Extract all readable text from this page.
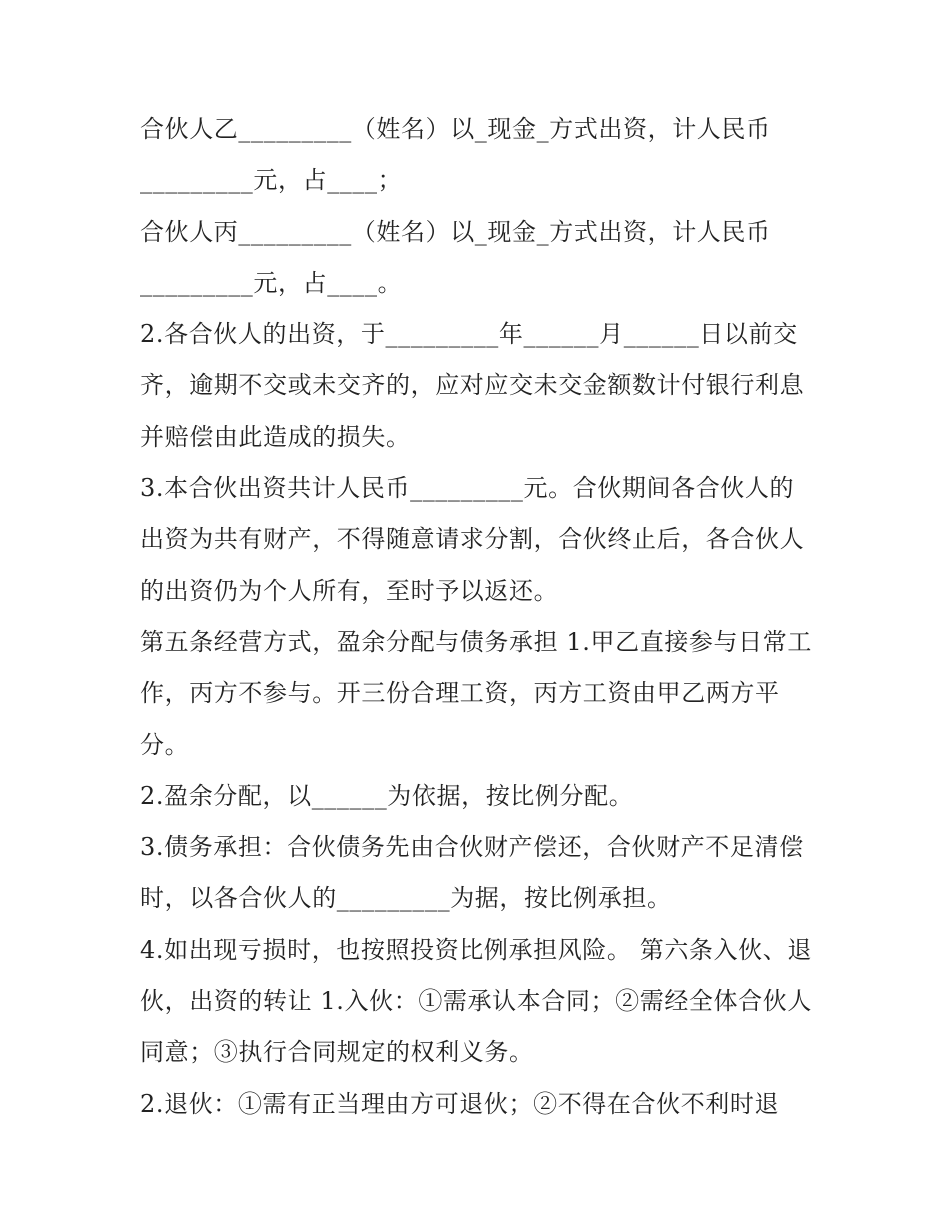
合伙人乙_________（姓名）以_现金_方式出资，计人民币
_________元，占____；
合伙人丙_________（姓名）以_现金_方式出资，计人民币
_________元，占____。
2.各合伙人的出资，于_________年______月______日以前交
齐，逾期不交或未交齐的，应对应交未交金额数计付银行利息
并赔偿由此造成的损失。
3.本合伙出资共计人民币_________元。合伙期间各合伙人的
出资为共有财产，不得随意请求分割，合伙终止后，各合伙人
的出资仍为个人所有，至时予以返还。
第五条经营方式，盈余分配与债务承担 1.甲乙直接参与日常工
作，丙方不参与。开三份合理工资，丙方工资由甲乙两方平
分。
2.盈余分配，以______为依据，按比例分配。
3.债务承担：合伙债务先由合伙财产偿还，合伙财产不足清偿
时，以各合伙人的_________为据，按比例承担。
4.如出现亏损时，也按照投资比例承担风险。 第六条入伙、退
伙，出资的转让 1.入伙：①需承认本合同；②需经全体合伙人
同意；③执行合同规定的权利义务。
2.退伙：①需有正当理由方可退伙；②不得在合伙不利时退
